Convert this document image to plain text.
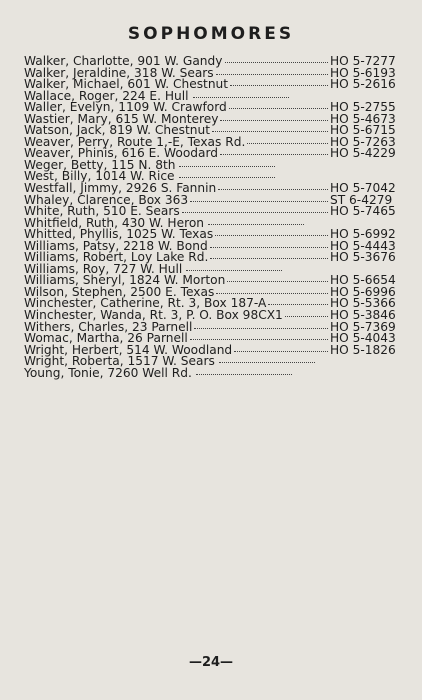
SOPHOMORES
Walker, Charlotte, 901 W. Gandy	HO 5-7277
Walker, Jeraldine, 318 W. Sears	HO 5-6193
Walker, Michael, 601 W. Chestnut	HO 5-2616
Wallace, Roger, 224 E. Hull
Waller, Evelyn, 1109 W. Crawford	HO 5-2755
Wastier, Mary, 615 W. Monterey	HO 5-4673
Watson, Jack, 819 W. Chestnut	HO 5-6715
Weaver, Perry, Route 1,-E, Texas Rd.	HO 5-7263
Weaver, Phinis, 616 E. Woodard	HO 5-4229
Weger, Betty, 115 N. 8th
West, Billy, 1014 W. Rice
Westfall, Jimmy, 2926 S. Fannin	HO 5-7042
Whaley, Clarence, Box 363	ST 6-4279
White, Ruth, 510 E. Sears	HO 5-7465
Whitfield, Ruth, 430 W. Heron
Whitted, Phyllis, 1025 W. Texas	HO 5-6992
Williams, Patsy, 2218 W. Bond	HO 5-4443
Williams, Robert, Loy Lake Rd.	HO 5-3676
Williams, Roy, 727 W. Hull
Williams, Sheryl, 1824 W. Morton	HO 5-6654
Wilson, Stephen, 2500 E. Texas	HO 5-6996
Winchester, Catherine, Rt. 3, Box 187-A	HO 5-5366
Winchester, Wanda, Rt. 3, P. O. Box 98CX1	HO 5-3846
Withers, Charles, 23 Parnell	HO 5-7369
Womac, Martha, 26 Parnell	HO 5-4043
Wright, Herbert, 514 W. Woodland	HO 5-1826
Wright, Roberta, 1517 W. Sears
Young, Tonie, 7260 Well Rd.
—24—
